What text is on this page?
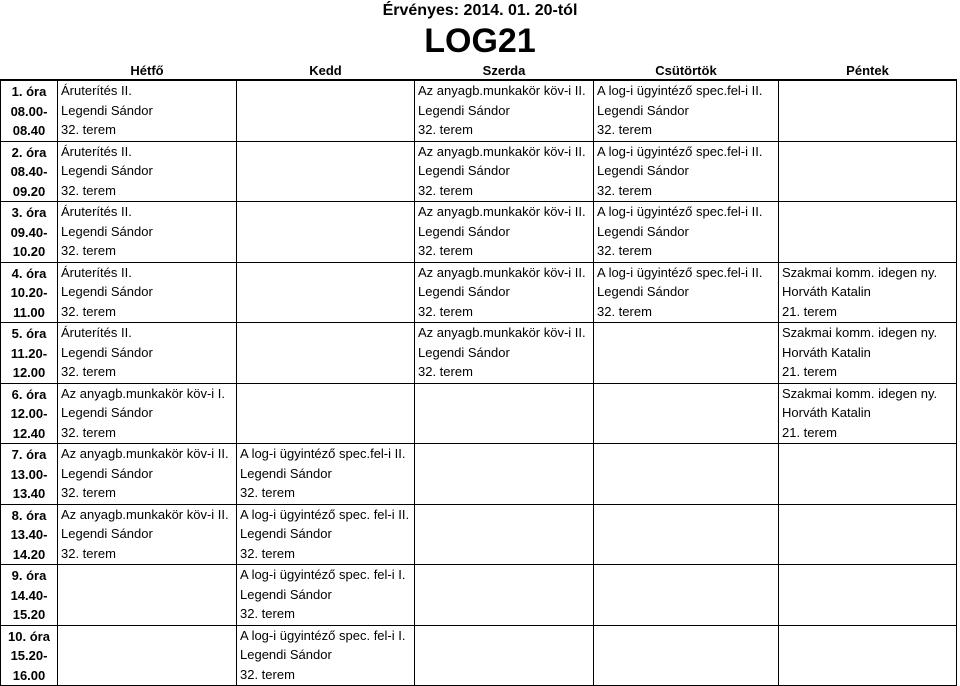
Érvényes: 2014. 01. 20-tól
LOG21
	Hétfő	Kedd	Szerda	Csütörtök	Péntek

1. óra
08.00-
08.40	Áruterítés II.
Legendi Sándor
32. terem		Az anyagb.munkakör köv-i II.
Legendi Sándor
32. terem	A log-i ügyintéző spec.fel-i II.
Legendi Sándor
32. terem	

2. óra
08.40-
09.20	Áruterítés II.
Legendi Sándor
32. terem		Az anyagb.munkakör köv-i II.
Legendi Sándor
32. terem	A log-i ügyintéző spec.fel-i II.
Legendi Sándor
32. terem	

3. óra
09.40-
10.20	Áruterítés II.
Legendi Sándor
32. terem		Az anyagb.munkakör köv-i II.
Legendi Sándor
32. terem	A log-i ügyintéző spec.fel-i II.
Legendi Sándor
32. terem	

4. óra
10.20-
11.00	Áruterítés II.
Legendi Sándor
32. terem		Az anyagb.munkakör köv-i II.
Legendi Sándor
32. terem	A log-i ügyintéző spec.fel-i II.
Legendi Sándor
32. terem	Szakmai komm. idegen ny.
Horváth Katalin
21. terem

5. óra
11.20-
12.00	Áruterítés II.
Legendi Sándor
32. terem		Az anyagb.munkakör köv-i II.
Legendi Sándor
32. terem		Szakmai komm. idegen ny.
Horváth Katalin
21. terem

6. óra
12.00-
12.40	Az anyagb.munkakör köv-i I.
Legendi Sándor
32. terem				Szakmai komm. idegen ny.
Horváth Katalin
21. terem

7. óra
13.00-
13.40	Az anyagb.munkakör köv-i II.
Legendi Sándor
32. terem	A log-i ügyintéző spec.fel-i II.
Legendi Sándor
32. terem			

8. óra
13.40-
14.20	Az anyagb.munkakör köv-i II.
Legendi Sándor
32. terem	A log-i ügyintéző spec. fel-i II.
Legendi Sándor
32. terem			

9. óra
14.40-
15.20		A log-i ügyintéző spec. fel-i I.
Legendi Sándor
32. terem			

10. óra
15.20-
16.00		A log-i ügyintéző spec. fel-i I.
Legendi Sándor
32. terem			
